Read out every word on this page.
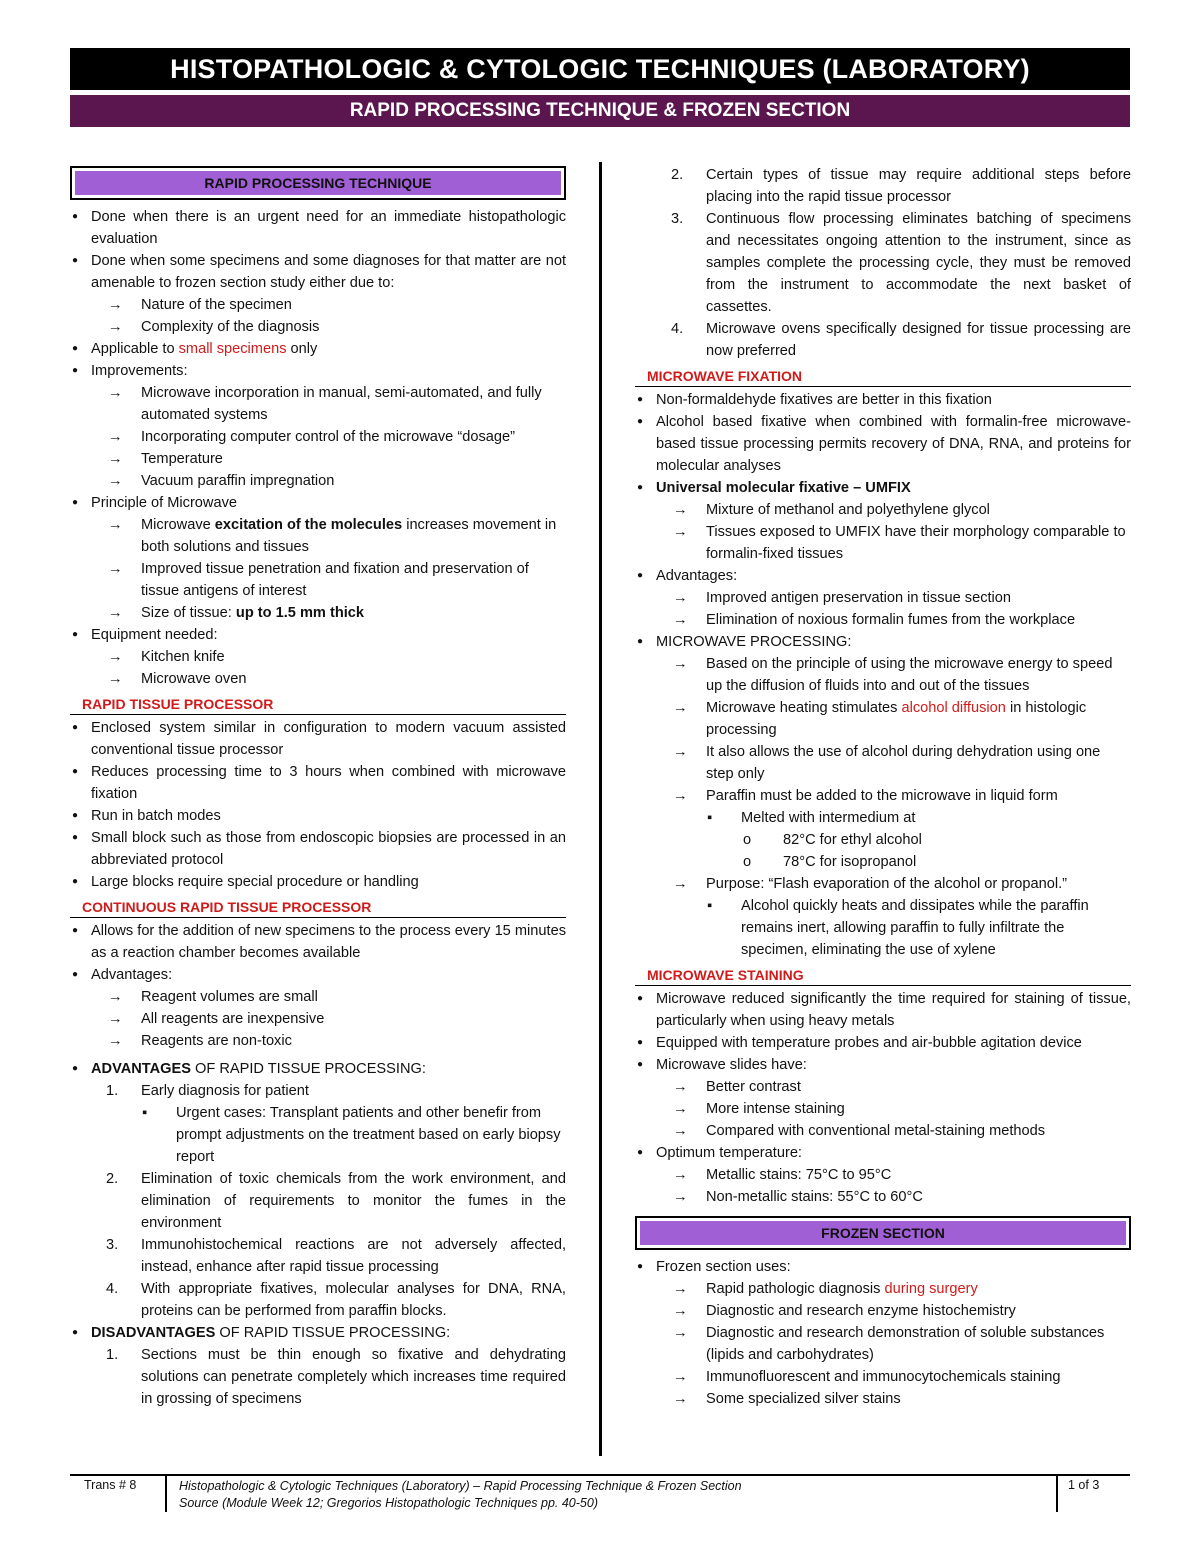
HISTOPATHOLOGIC & CYTOLOGIC TECHNIQUES (LABORATORY)
RAPID PROCESSING TECHNIQUE & FROZEN SECTION
RAPID PROCESSING TECHNIQUE
● Done when there is an urgent need for an immediate histopathologic evaluation
● Done when some specimens and some diagnoses for that matter are not amenable to frozen section study either due to:
→ Nature of the specimen
→ Complexity of the diagnosis
● Applicable to small specimens only
● Improvements:
→ Microwave incorporation in manual, semi-automated, and fully automated systems
→ Incorporating computer control of the microwave “dosage”
→ Temperature
→ Vacuum paraffin impregnation
● Principle of Microwave
→ Microwave excitation of the molecules increases movement in both solutions and tissues
→ Improved tissue penetration and fixation and preservation of tissue antigens of interest
→ Size of tissue: up to 1.5 mm thick
● Equipment needed:
→ Kitchen knife
→ Microwave oven
RAPID TISSUE PROCESSOR
● Enclosed system similar in configuration to modern vacuum assisted conventional tissue processor
● Reduces processing time to 3 hours when combined with microwave fixation
● Run in batch modes
● Small block such as those from endoscopic biopsies are processed in an abbreviated protocol
● Large blocks require special procedure or handling
CONTINUOUS RAPID TISSUE PROCESSOR
● Allows for the addition of new specimens to the process every 15 minutes as a reaction chamber becomes available
● Advantages:
→ Reagent volumes are small
→ All reagents are inexpensive
→ Reagents are non-toxic
● ADVANTAGES OF RAPID TISSUE PROCESSING:
1. Early diagnosis for patient
▪ Urgent cases: Transplant patients and other benefir from prompt adjustments on the treatment based on early biopsy report
2. Elimination of toxic chemicals from the work environment, and elimination of requirements to monitor the fumes in the environment
3. Immunohistochemical reactions are not adversely affected, instead, enhance after rapid tissue processing
4. With appropriate fixatives, molecular analyses for DNA, RNA, proteins can be performed from paraffin blocks.
● DISADVANTAGES OF RAPID TISSUE PROCESSING:
1. Sections must be thin enough so fixative and dehydrating solutions can penetrate completely which increases time required in grossing of specimens
2. Certain types of tissue may require additional steps before placing into the rapid tissue processor
3. Continuous flow processing eliminates batching of specimens and necessitates ongoing attention to the instrument, since as samples complete the processing cycle, they must be removed from the instrument to accommodate the next basket of cassettes.
4. Microwave ovens specifically designed for tissue processing are now preferred
MICROWAVE FIXATION
● Non-formaldehyde fixatives are better in this fixation
● Alcohol based fixative when combined with formalin-free microwave-based tissue processing permits recovery of DNA, RNA, and proteins for molecular analyses
● Universal molecular fixative – UMFIX
→ Mixture of methanol and polyethylene glycol
→ Tissues exposed to UMFIX have their morphology comparable to formalin-fixed tissues
● Advantages:
→ Improved antigen preservation in tissue section
→ Elimination of noxious formalin fumes from the workplace
● MICROWAVE PROCESSING:
→ Based on the principle of using the microwave energy to speed up the diffusion of fluids into and out of the tissues
→ Microwave heating stimulates alcohol diffusion in histologic processing
→ It also allows the use of alcohol during dehydration using one step only
→ Paraffin must be added to the microwave in liquid form
▪ Melted with intermedium at
o 82°C for ethyl alcohol
o 78°C for isopropanol
→ Purpose: “Flash evaporation of the alcohol or propanol.”
▪ Alcohol quickly heats and dissipates while the paraffin remains inert, allowing paraffin to fully infiltrate the specimen, eliminating the use of xylene
MICROWAVE STAINING
● Microwave reduced significantly the time required for staining of tissue, particularly when using heavy metals
● Equipped with temperature probes and air-bubble agitation device
● Microwave slides have:
→ Better contrast
→ More intense staining
→ Compared with conventional metal-staining methods
● Optimum temperature:
→ Metallic stains: 75°C to 95°C
→ Non-metallic stains: 55°C to 60°C
FROZEN SECTION
● Frozen section uses:
→ Rapid pathologic diagnosis during surgery
→ Diagnostic and research enzyme histochemistry
→ Diagnostic and research demonstration of soluble substances (lipids and carbohydrates)
→ Immunofluorescent and immunocytochemicals staining
→ Some specialized silver stains
Trans # 8	Histopathologic & Cytologic Techniques (Laboratory) – Rapid Processing Technique & Frozen Section
Source (Module Week 12; Gregorios Histopathologic Techniques pp. 40-50)
1 of 3
